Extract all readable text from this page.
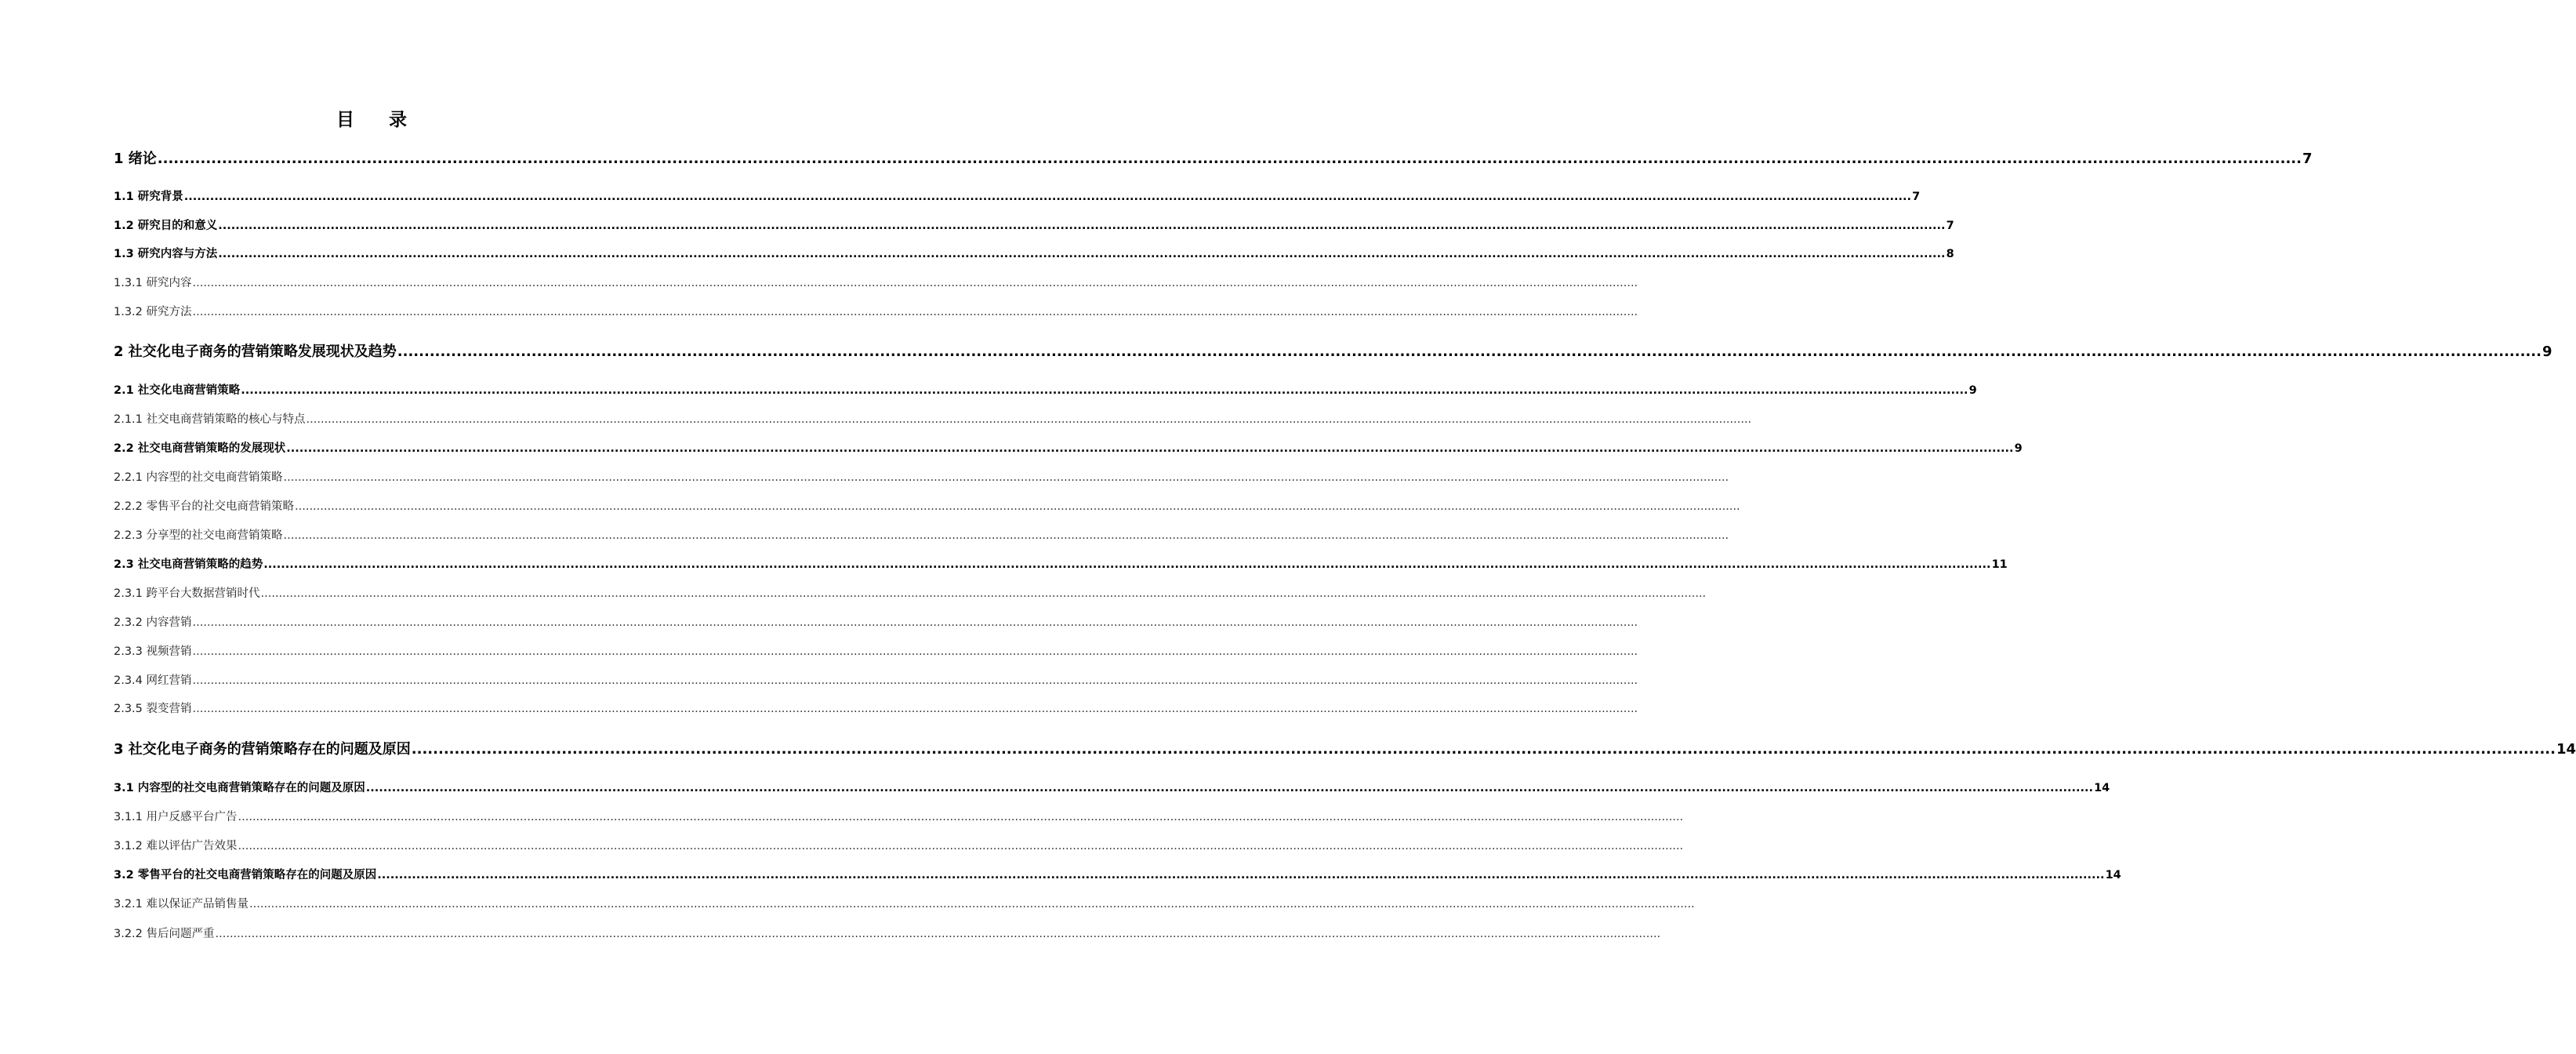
目 录
1 绪论 ................................................................................................................................................................................................................................................................................................................................................................................................................ 7
1.1 研究背景 ................................................................................................................................................................................................................................................................................................................................................................................................................ 7
1.2 研究目的和意义 ................................................................................................................................................................................................................................................................................................................................................................................................................ 7
1.3 研究内容与方法 ................................................................................................................................................................................................................................................................................................................................................................................................................ 8
1.3.1 研究内容 ................................................................................................................................................................................................................................................................................................................................................................................................................
1.3.2 研究方法 ................................................................................................................................................................................................................................................................................................................................................................................................................
2 社交化电子商务的营销策略发展现状及趋势 ................................................................................................................................................................................................................................................................................................................................................................................................................ 9
2.1 社交化电商营销策略 ................................................................................................................................................................................................................................................................................................................................................................................................................ 9
2.1.1 社交电商营销策略的核心与特点 ................................................................................................................................................................................................................................................................................................................................................................................................................
2.2 社交电商营销策略的发展现状 ................................................................................................................................................................................................................................................................................................................................................................................................................ 9
2.2.1 内容型的社交电商营销策略 ................................................................................................................................................................................................................................................................................................................................................................................................................
2.2.2 零售平台的社交电商营销策略 ................................................................................................................................................................................................................................................................................................................................................................................................................
2.2.3 分享型的社交电商营销策略 ................................................................................................................................................................................................................................................................................................................................................................................................................
2.3 社交电商营销策略的趋势 ................................................................................................................................................................................................................................................................................................................................................................................................................ 11
2.3.1 跨平台大数据营销时代 ................................................................................................................................................................................................................................................................................................................................................................................................................
2.3.2 内容营销 ................................................................................................................................................................................................................................................................................................................................................................................................................
2.3.3 视频营销 ................................................................................................................................................................................................................................................................................................................................................................................................................
2.3.4 网红营销 ................................................................................................................................................................................................................................................................................................................................................................................................................
2.3.5 裂变营销 ................................................................................................................................................................................................................................................................................................................................................................................................................
3 社交化电子商务的营销策略存在的问题及原因 ................................................................................................................................................................................................................................................................................................................................................................................................................ 14
3.1 内容型的社交电商营销策略存在的问题及原因 ................................................................................................................................................................................................................................................................................................................................................................................................................ 14
3.1.1 用户反感平台广告 ................................................................................................................................................................................................................................................................................................................................................................................................................
3.1.2 难以评估广告效果 ................................................................................................................................................................................................................................................................................................................................................................................................................
3.2 零售平台的社交电商营销策略存在的问题及原因 ................................................................................................................................................................................................................................................................................................................................................................................................................ 14
3.2.1 难以保证产品销售量 ................................................................................................................................................................................................................................................................................................................................................................................................................
3.2.2 售后问题严重 ................................................................................................................................................................................................................................................................................................................................................................................................................
